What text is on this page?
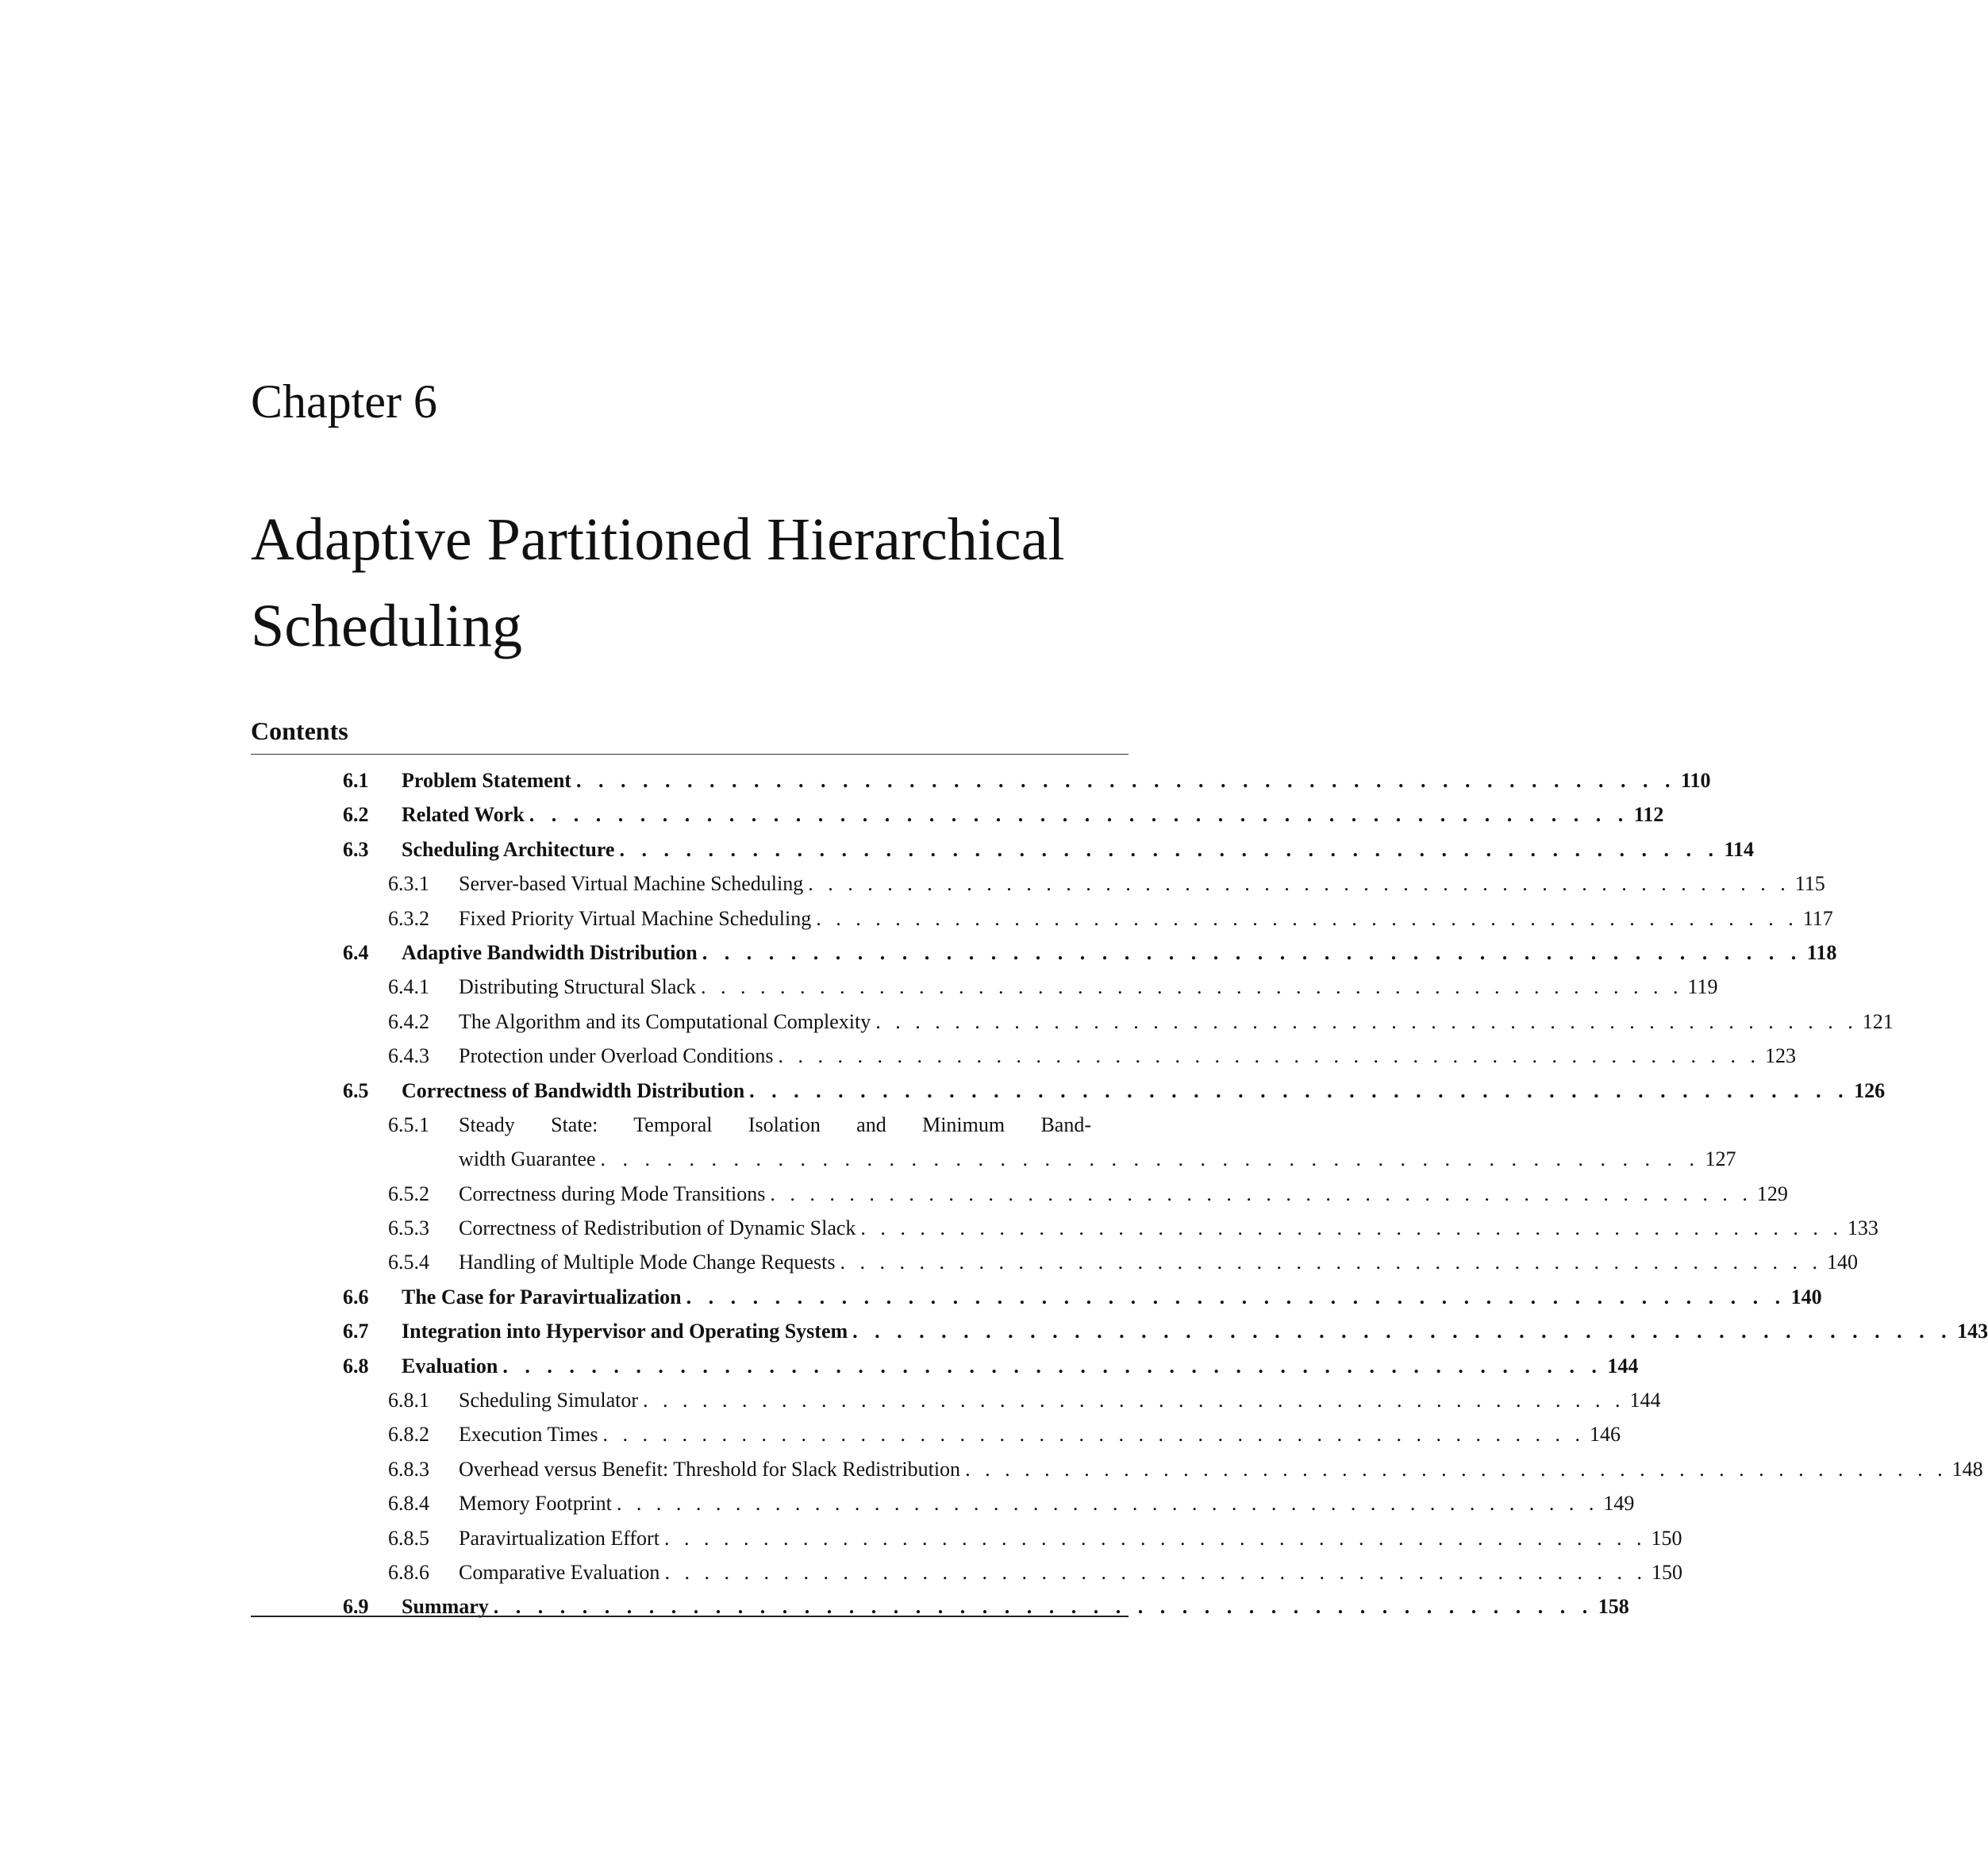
Chapter 6
Adaptive Partitioned Hierarchical Scheduling
Contents
6.1 Problem Statement . . . . . . . . . . . . . . . . . . . . . . . . . . . . . . . . . . . . . . . . . . . . . . . . . . 110
6.2 Related Work . . . . . . . . . . . . . . . . . . . . . . . . . . . . . . . . . . . . . . . . . . . . . . . . . . 112
6.3 Scheduling Architecture . . . . . . . . . . . . . . . . . . . . . . . . . . . . . . . . . . . . . . . . . . . . . . . . . . 114
6.3.1 Server-based Virtual Machine Scheduling . . . . . . . . . . . . . . . . . . . . . . . . . . . . . . . . . . . . . . . . . . . . . . . . . . 115
6.3.2 Fixed Priority Virtual Machine Scheduling . . . . . . . . . . . . . . . . . . . . . . . . . . . . . . . . . . . . . . . . . . . . . . . . . . 117
6.4 Adaptive Bandwidth Distribution . . . . . . . . . . . . . . . . . . . . . . . . . . . . . . . . . . . . . . . . . . . . . . . . . . 118
6.4.1 Distributing Structural Slack . . . . . . . . . . . . . . . . . . . . . . . . . . . . . . . . . . . . . . . . . . . . . . . . . . 119
6.4.2 The Algorithm and its Computational Complexity . . . . . . . . . . . . . . . . . . . . . . . . . . . . . . . . . . . . . . . . . . . . . . . . . . 121
6.4.3 Protection under Overload Conditions . . . . . . . . . . . . . . . . . . . . . . . . . . . . . . . . . . . . . . . . . . . . . . . . . . 123
6.5 Correctness of Bandwidth Distribution . . . . . . . . . . . . . . . . . . . . . . . . . . . . . . . . . . . . . . . . . . . . . . . . . . 126
6.5.1 Steady State: Temporal Isolation and Minimum Band-
width Guarantee . . . . . . . . . . . . . . . . . . . . . . . . . . . . . . . . . . . . . . . . . . . . . . . . . . 127
6.5.2 Correctness during Mode Transitions . . . . . . . . . . . . . . . . . . . . . . . . . . . . . . . . . . . . . . . . . . . . . . . . . . 129
6.5.3 Correctness of Redistribution of Dynamic Slack . . . . . . . . . . . . . . . . . . . . . . . . . . . . . . . . . . . . . . . . . . . . . . . . . . 133
6.5.4 Handling of Multiple Mode Change Requests . . . . . . . . . . . . . . . . . . . . . . . . . . . . . . . . . . . . . . . . . . . . . . . . . . 140
6.6 The Case for Paravirtualization . . . . . . . . . . . . . . . . . . . . . . . . . . . . . . . . . . . . . . . . . . . . . . . . . . 140
6.7 Integration into Hypervisor and Operating System . . . . . . . . . . . . . . . . . . . . . . . . . . . . . . . . . . . . . . . . . . . . . . . . . . 143
6.8 Evaluation . . . . . . . . . . . . . . . . . . . . . . . . . . . . . . . . . . . . . . . . . . . . . . . . . . 144
6.8.1 Scheduling Simulator . . . . . . . . . . . . . . . . . . . . . . . . . . . . . . . . . . . . . . . . . . . . . . . . . . 144
6.8.2 Execution Times . . . . . . . . . . . . . . . . . . . . . . . . . . . . . . . . . . . . . . . . . . . . . . . . . . 146
6.8.3 Overhead versus Benefit: Threshold for Slack Redistribution . . . . . . . . . . . . . . . . . . . . . . . . . . . . . . . . . . . . . . . . . . . . . . . . . . 148
6.8.4 Memory Footprint . . . . . . . . . . . . . . . . . . . . . . . . . . . . . . . . . . . . . . . . . . . . . . . . . . 149
6.8.5 Paravirtualization Effort . . . . . . . . . . . . . . . . . . . . . . . . . . . . . . . . . . . . . . . . . . . . . . . . . . 150
6.8.6 Comparative Evaluation . . . . . . . . . . . . . . . . . . . . . . . . . . . . . . . . . . . . . . . . . . . . . . . . . . 150
6.9 Summary . . . . . . . . . . . . . . . . . . . . . . . . . . . . . . . . . . . . . . . . . . . . . . . . . . 158
